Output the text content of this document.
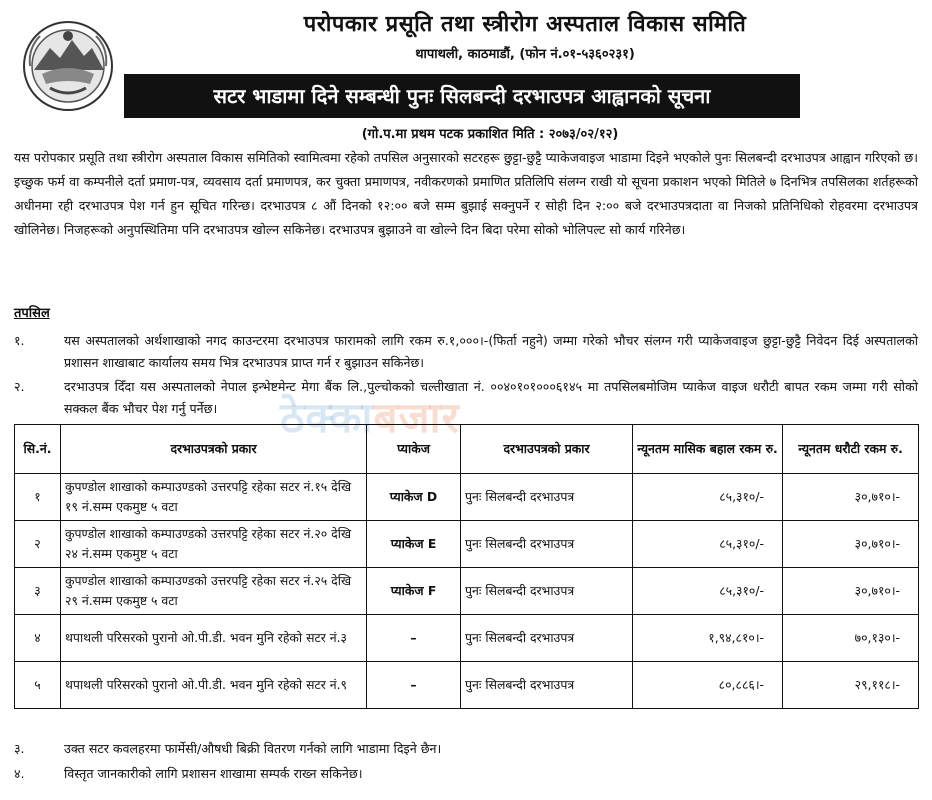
परोपकार प्रसूति तथा स्त्रीरोग अस्पताल विकास समिति
थापाथली, काठमाडौं, (फोन नं.०१-५३६०२३१)
सटर भाडामा दिने सम्बन्धी पुनः सिलबन्दी दरभाउपत्र आह्वानको सूचना
(गो.प.मा प्रथम पटक प्रकाशित मिति : २०७३/०२/१२)

यस परोपकार प्रसूति तथा स्त्रीरोग अस्पताल विकास समितिको स्वामित्वमा रहेको तपसिल अनुसारको सटरहरू छुट्टा-छुट्टै प्याकेजवाइज भाडामा दिइने भएकोले पुनः सिलबन्दी दरभाउपत्र आह्वान गरिएको छ। इच्छुक फर्म वा कम्पनीले दर्ता प्रमाण-पत्र, व्यवसाय दर्ता प्रमाणपत्र, कर चुक्ता प्रमाणपत्र, नवीकरणको प्रमाणित प्रतिलिपि संलग्न राखी यो सूचना प्रकाशन भएको मितिले ७ दिनभित्र तपसिलका शर्तहरूको अधीनमा रही दरभाउपत्र पेश गर्न हुन सूचित गरिन्छ। दरभाउपत्र ८ औं दिनको १२:०० बजे सम्म बुझाई सक्नुपर्ने र सोही दिन २:०० बजे दरभाउपत्रदाता वा निजको प्रतिनिधिको रोहवरमा दरभाउपत्र खोलिनेछ। निजहरूको अनुपस्थितिमा पनि दरभाउपत्र खोल्न सकिनेछ। दरभाउपत्र बुझाउने वा खोल्ने दिन बिदा परेमा सोको भोलिपल्ट सो कार्य गरिनेछ।

तपसिल
१.	यस अस्पतालको अर्थशाखाको नगद काउन्टरमा दरभाउपत्र फारामको लागि रकम रु.१,०००।-(फिर्ता नहुने) जम्मा गरेको भौचर संलग्न गरी प्याकेजवाइज छुट्टा-छुट्टै निवेदन दिई अस्पतालको प्रशासन शाखाबाट कार्यालय समय भित्र दरभाउपत्र प्राप्त गर्न र बुझाउन सकिनेछ।
२.	दरभाउपत्र दिँदा यस अस्पतालको नेपाल इन्भेष्टमेन्ट मेगा बैंक लि.,पुल्चोकको चल्तीखाता नं. ००४०१०१०००६१४५ मा तपसिलबमोजिम प्याकेज वाइज धरौटी बापत रकम जम्मा गरी सोको सक्कल बैंक भौचर पेश गर्नु पर्नेछ।	ठेक्काबजार
सि.नं.	दरभाउपत्रको प्रकार	प्याकेज	दरभाउपत्रको प्रकार	न्यूनतम मासिक बहाल रकम रु.	न्यूनतम धरौटी रकम रु.
१	कुपण्डोल शाखाको कम्पाउण्डको उत्तरपट्टि रहेका सटर नं.१५ देखि १९ नं.सम्म एकमुष्ट ५ वटा	प्याकेज D	पुनः सिलबन्दी दरभाउपत्र	८५,३१०/-	३०,७१०।-
२	कुपण्डोल शाखाको कम्पाउण्डको उत्तरपट्टि रहेका सटर नं.२० देखि २४ नं.सम्म एकमुष्ट ५ वटा	प्याकेज E	पुनः सिलबन्दी दरभाउपत्र	८५,३१०/-	३०,७१०।-
३	कुपण्डोल शाखाको कम्पाउण्डको उत्तरपट्टि रहेका सटर नं.२५ देखि २९ नं.सम्म एकमुष्ट ५ वटा	प्याकेज F	पुनः सिलबन्दी दरभाउपत्र	८५,३१०/-	३०,७१०।-
४	थपाथली परिसरको पुरानो ओ.पी.डी. भवन मुनि रहेको सटर नं.३	–	पुनः सिलबन्दी दरभाउपत्र	१,९४,८१०।-	७०,१३०।-
५	थपाथली परिसरको पुरानो ओ.पी.डी. भवन मुनि रहेको सटर नं.९	–	पुनः सिलबन्दी दरभाउपत्र	८०,८८६।-	२९,११८।-
३.	उक्त सटर कवलहरमा फार्मेसी/औषधी बिक्री वितरण गर्नको लागि भाडामा दिइने छैन।
४.	विस्तृत जानकारीको लागि प्रशासन शाखामा सम्पर्क राख्न सकिनेछ।
